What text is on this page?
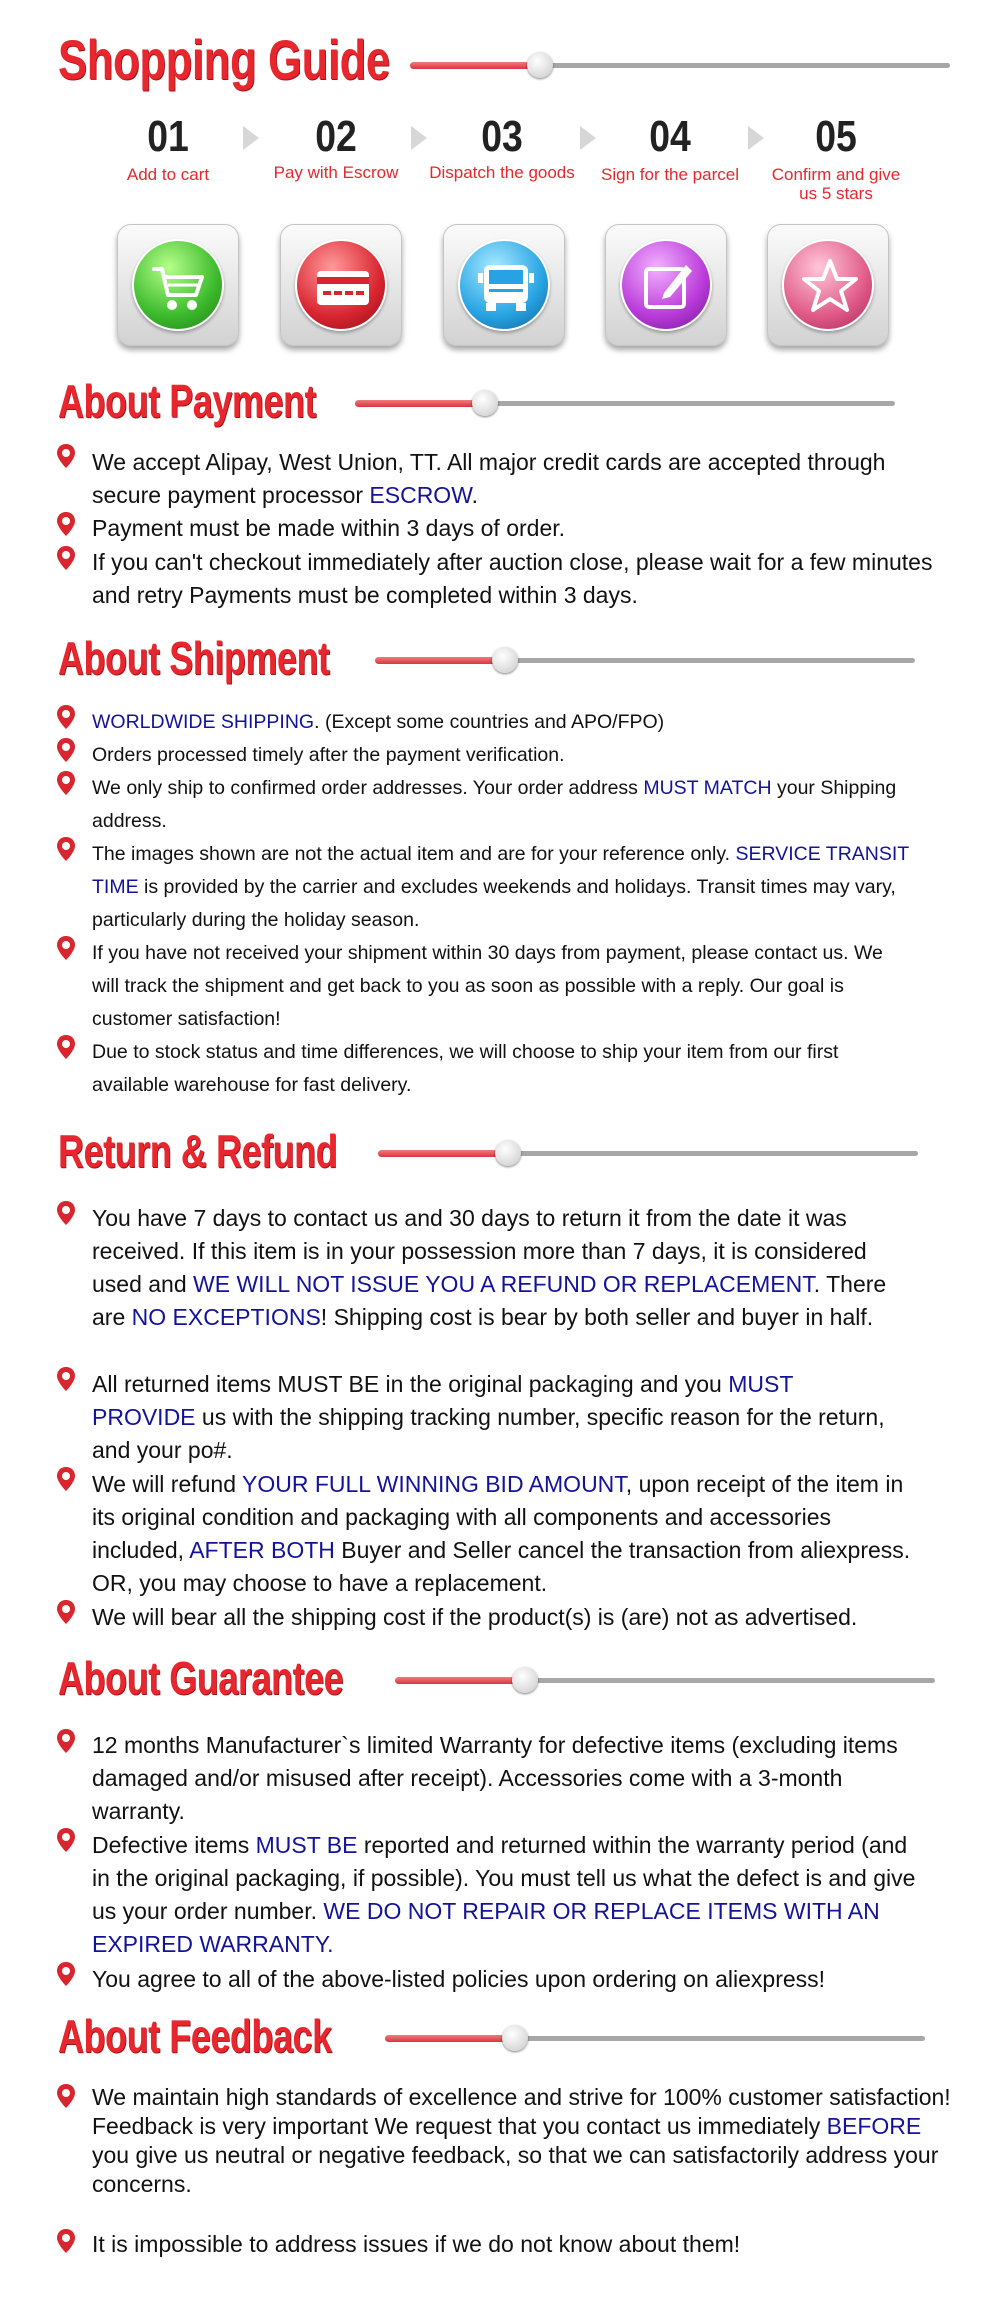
Shopping Guide
01	02	03	04	05
Add to cart	Pay with Escrow	Dispatch the goods	Sign for the parcel	Confirm and give us 5 stars
About Payment

We accept Alipay, West Union, TT. All major credit cards are accepted through secure payment processor ESCROW.

Payment must be made within 3 days of order.

If you can't checkout immediately after auction close, please wait for a few minutes and retry Payments must be completed within 3 days.

About Shipment

WORLDWIDE SHIPPING. (Except some countries and APO/FPO)

Orders processed timely after the payment verification.

We only ship to confirmed order addresses. Your order address MUST MATCH your Shipping address.

The images shown are not the actual item and are for your reference only. SERVICE TRANSIT TIME is provided by the carrier and excludes weekends and holidays. Transit times may vary, particularly during the holiday season.

If you have not received your shipment within 30 days from payment, please contact us. We will track the shipment and get back to you as soon as possible with a reply. Our goal is customer satisfaction!

Due to stock status and time differences, we will choose to ship your item from our first available warehouse for fast delivery.

Return & Refund

You have 7 days to contact us and 30 days to return it from the date it was received. If this item is in your possession more than 7 days, it is considered used and WE WILL NOT ISSUE YOU A REFUND OR REPLACEMENT. There are NO EXCEPTIONS! Shipping cost is bear by both seller and buyer in half.

All returned items MUST BE in the original packaging and you MUST PROVIDE us with the shipping tracking number, specific reason for the return, and your po#.

We will refund YOUR FULL WINNING BID AMOUNT, upon receipt of the item in its original condition and packaging with all components and accessories included, AFTER BOTH Buyer and Seller cancel the transaction from aliexpress. OR, you may choose to have a replacement.

We will bear all the shipping cost if the product(s) is (are) not as advertised.

About Guarantee

12 months Manufacturer`s limited Warranty for defective items (excluding items damaged and/or misused after receipt). Accessories come with a 3-month warranty.

Defective items MUST BE reported and returned within the warranty period (and in the original packaging, if possible). You must tell us what the defect is and give us your order number. WE DO NOT REPAIR OR REPLACE ITEMS WITH AN EXPIRED WARRANTY.

You agree to all of the above-listed policies upon ordering on aliexpress!

About Feedback

We maintain high standards of excellence and strive for 100% customer satisfaction! Feedback is very important We request that you contact us immediately BEFORE you give us neutral or negative feedback, so that we can satisfactorily address your concerns.

It is impossible to address issues if we do not know about them!
